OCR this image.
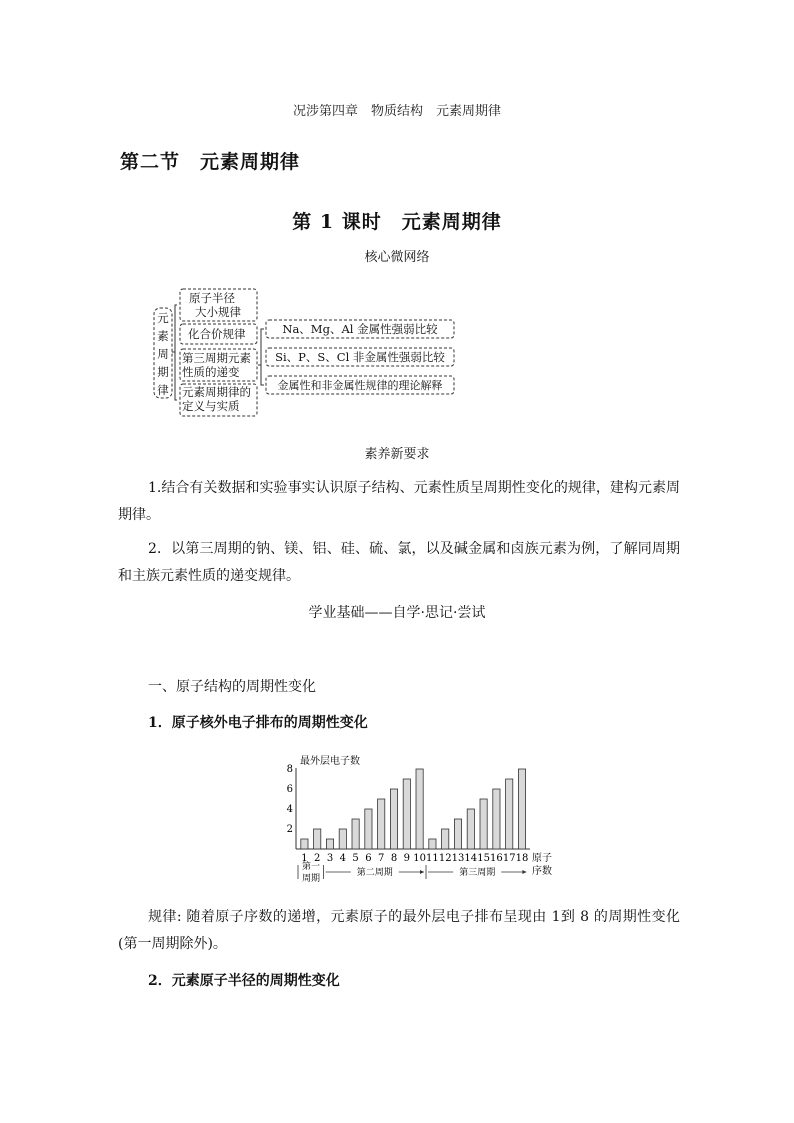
况涉第四章　物质结构　元素周期律
第二节　元素周期律
第 1 课时　元素周期律
核心微网络
元
素
周
期
律
原子半径
大小规律
化合价规律
第三周期元素
性质的递变
元素周期律的
定义与实质
Na、Mg、Al 金属性强弱比较
Si、P、S、Cl 非金属性强弱比较
金属性和非金属性规律的理论解释
素养新要求
1.结合有关数据和实验事实认识原子结构、元素性质呈周期性变化的规律，建构元素周期律。
2．以第三周期的钠、镁、铝、硅、硫、氯，以及碱金属和卤族元素为例，了解同周期和主族元素性质的递变规律。
学业基础——自学·思记·尝试
一、原子结构的周期性变化
1．原子核外电子排布的周期性变化
最外层电子数
原子
序数
1 2 3 4 5 6 7 8 9 10 11 12 13 14 15 16 17 18
2
4
6
8
第一
周期
第二周期	第三周期
规律: 随着原子序数的递增，元素原子的最外层电子排布呈现由 1到 8 的周期性变化(第一周期除外)。
2．元素原子半径的周期性变化
